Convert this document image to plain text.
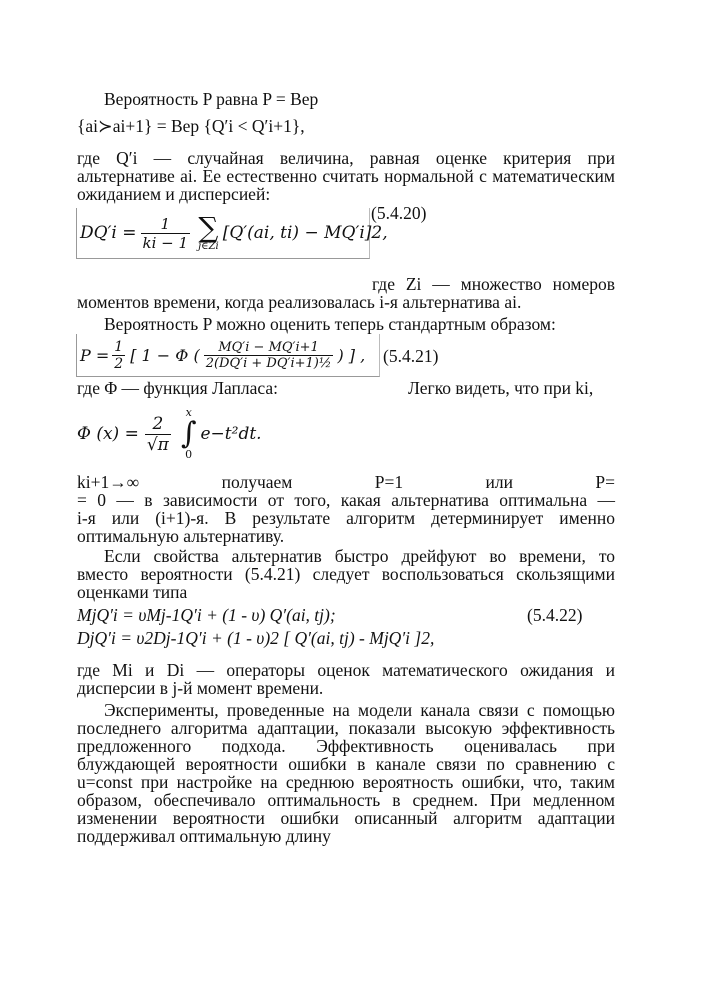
Вероятность P равна P = Вер
{ai≻ai+1} = Вер {Q′i < Q′i+1},
где Q′i — случайная величина, равная оценке критерия при
альтернативе ai. Ее естественно считать нормальной с математическим
ожиданием и дисперсией:
$DQ'i = \frac{1}{ki - 1}$ ∑
j∈Zi
[Q′(ai, ti) − MQ′i]2,
(5.4.20)
где Zi — множество номеров
моментов времени, когда реализовалась i-я альтернатива ai.
Вероятность P можно оценить теперь стандартным образом:
$P = \frac{1}{2}$ [ 1 − Φ ( $\frac{MQ'i - MQ'i+1}{\text{2(DQ′i + DQ′i+1)½}}$ ) ] , (5.4.21)
где Φ — функция Лапласа:	Легко видеть, что при ki,
Φ $(x) = \frac{2}{√\pi}$
x
∫
0
e−t²dt.
ki+1→∞ получаем P=1 или P=
= 0 — в зависимости от того, какая альтернатива оптимальна —
i-я или (i+1)-я. В результате алгоритм детерминирует именно
оптимальную альтернативу.
Если свойства альтернатив быстро дрейфуют во времени, то
вместо вероятности (5.4.21) следует воспользоваться скользящими
оценками типа
MjQ′i = υMj-1Q′i + (1 - υ) Q′(ai, tj);	(5.4.22)
DjQ′i = υ2Dj-1Q′i + (1 - υ)2 [ Q′(ai, tj) - MjQ′i ]2,
где Mi и Di — операторы оценок математического ожидания и
дисперсии в j-й момент времени.
Эксперименты, проведенные на модели канала связи с помощью
последнего алгоритма адаптации, показали высокую эффективность
предложенного подхода. Эффективность оценивалась при
блуждающей вероятности ошибки в канале связи по сравнению с
u=const при настройке на среднюю вероятность ошибки, что, таким
образом, обеспечивало оптимальность в среднем. При медленном
изменении вероятности ошибки описанный алгоритм адаптации
поддерживал оптимальную длину
